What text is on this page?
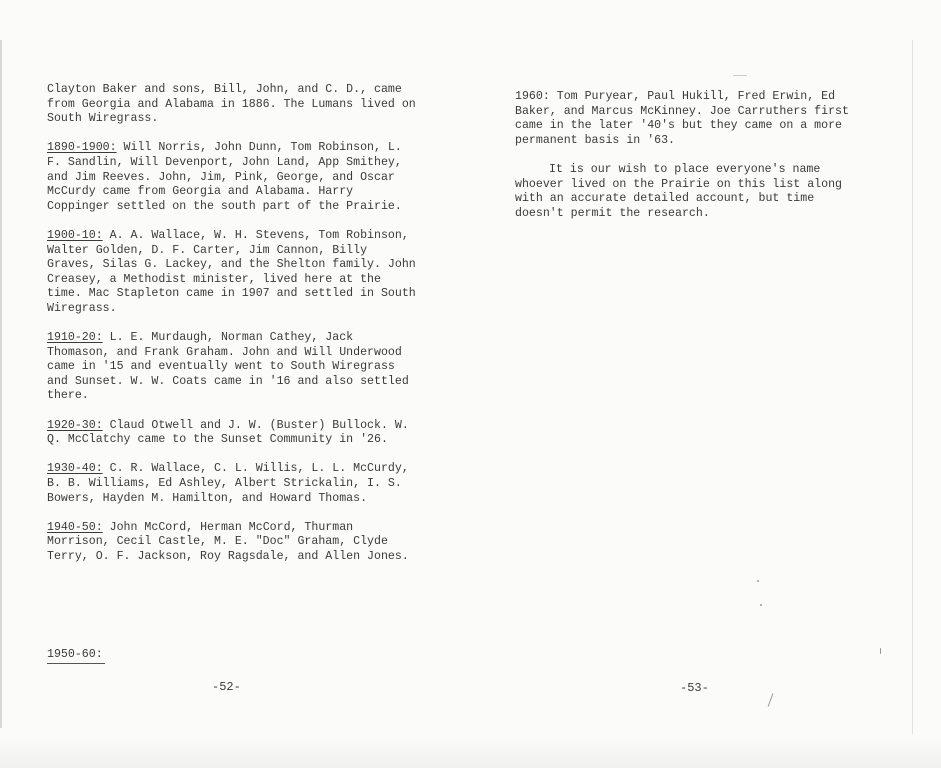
Clayton Baker and sons, Bill, John, and C. D., came from Georgia and Alabama in 1886. The Lumans lived on South Wiregrass.

1890-1900: Will Norris, John Dunn, Tom Robinson, L. F. Sandlin, Will Devenport, John Land, App Smithey, and Jim Reeves. John, Jim, Pink, George, and Oscar McCurdy came from Georgia and Alabama. Harry Coppinger settled on the south part of the Prairie.

1900-10: A. A. Wallace, W. H. Stevens, Tom Robinson, Walter Golden, D. F. Carter, Jim Cannon, Billy Graves, Silas G. Lackey, and the Shelton family. John Creasey, a Methodist minister, lived here at the time. Mac Stapleton came in 1907 and settled in South Wiregrass.

1910-20: L. E. Murdaugh, Norman Cathey, Jack Thomason, and Frank Graham. John and Will Underwood came in '15 and eventually went to South Wiregrass and Sunset. W. W. Coats came in '16 and also settled there.

1920-30: Claud Otwell and J. W. (Buster) Bullock. W. Q. McClatchy came to the Sunset Community in '26.

1930-40: C. R. Wallace, C. L. Willis, L. L. McCurdy, B. B. Williams, Ed Ashley, Albert Strickalin, I. S. Bowers, Hayden M. Hamilton, and Howard Thomas.

1940-50: John McCord, Herman McCord, Thurman Morrison, Cecil Castle, M. E. "Doc" Graham, Clyde Terry, O. F. Jackson, Roy Ragsdale, and Allen Jones.

1950-60:
-52-

1960: Tom Puryear, Paul Hukill, Fred Erwin, Ed Baker, and Marcus McKinney. Joe Carruthers first came in the later '40's but they came on a more permanent basis in '63.

It is our wish to place everyone's name whoever lived on the Prairie on this list along with an accurate detailed account, but time doesn't permit the research.

-53-
